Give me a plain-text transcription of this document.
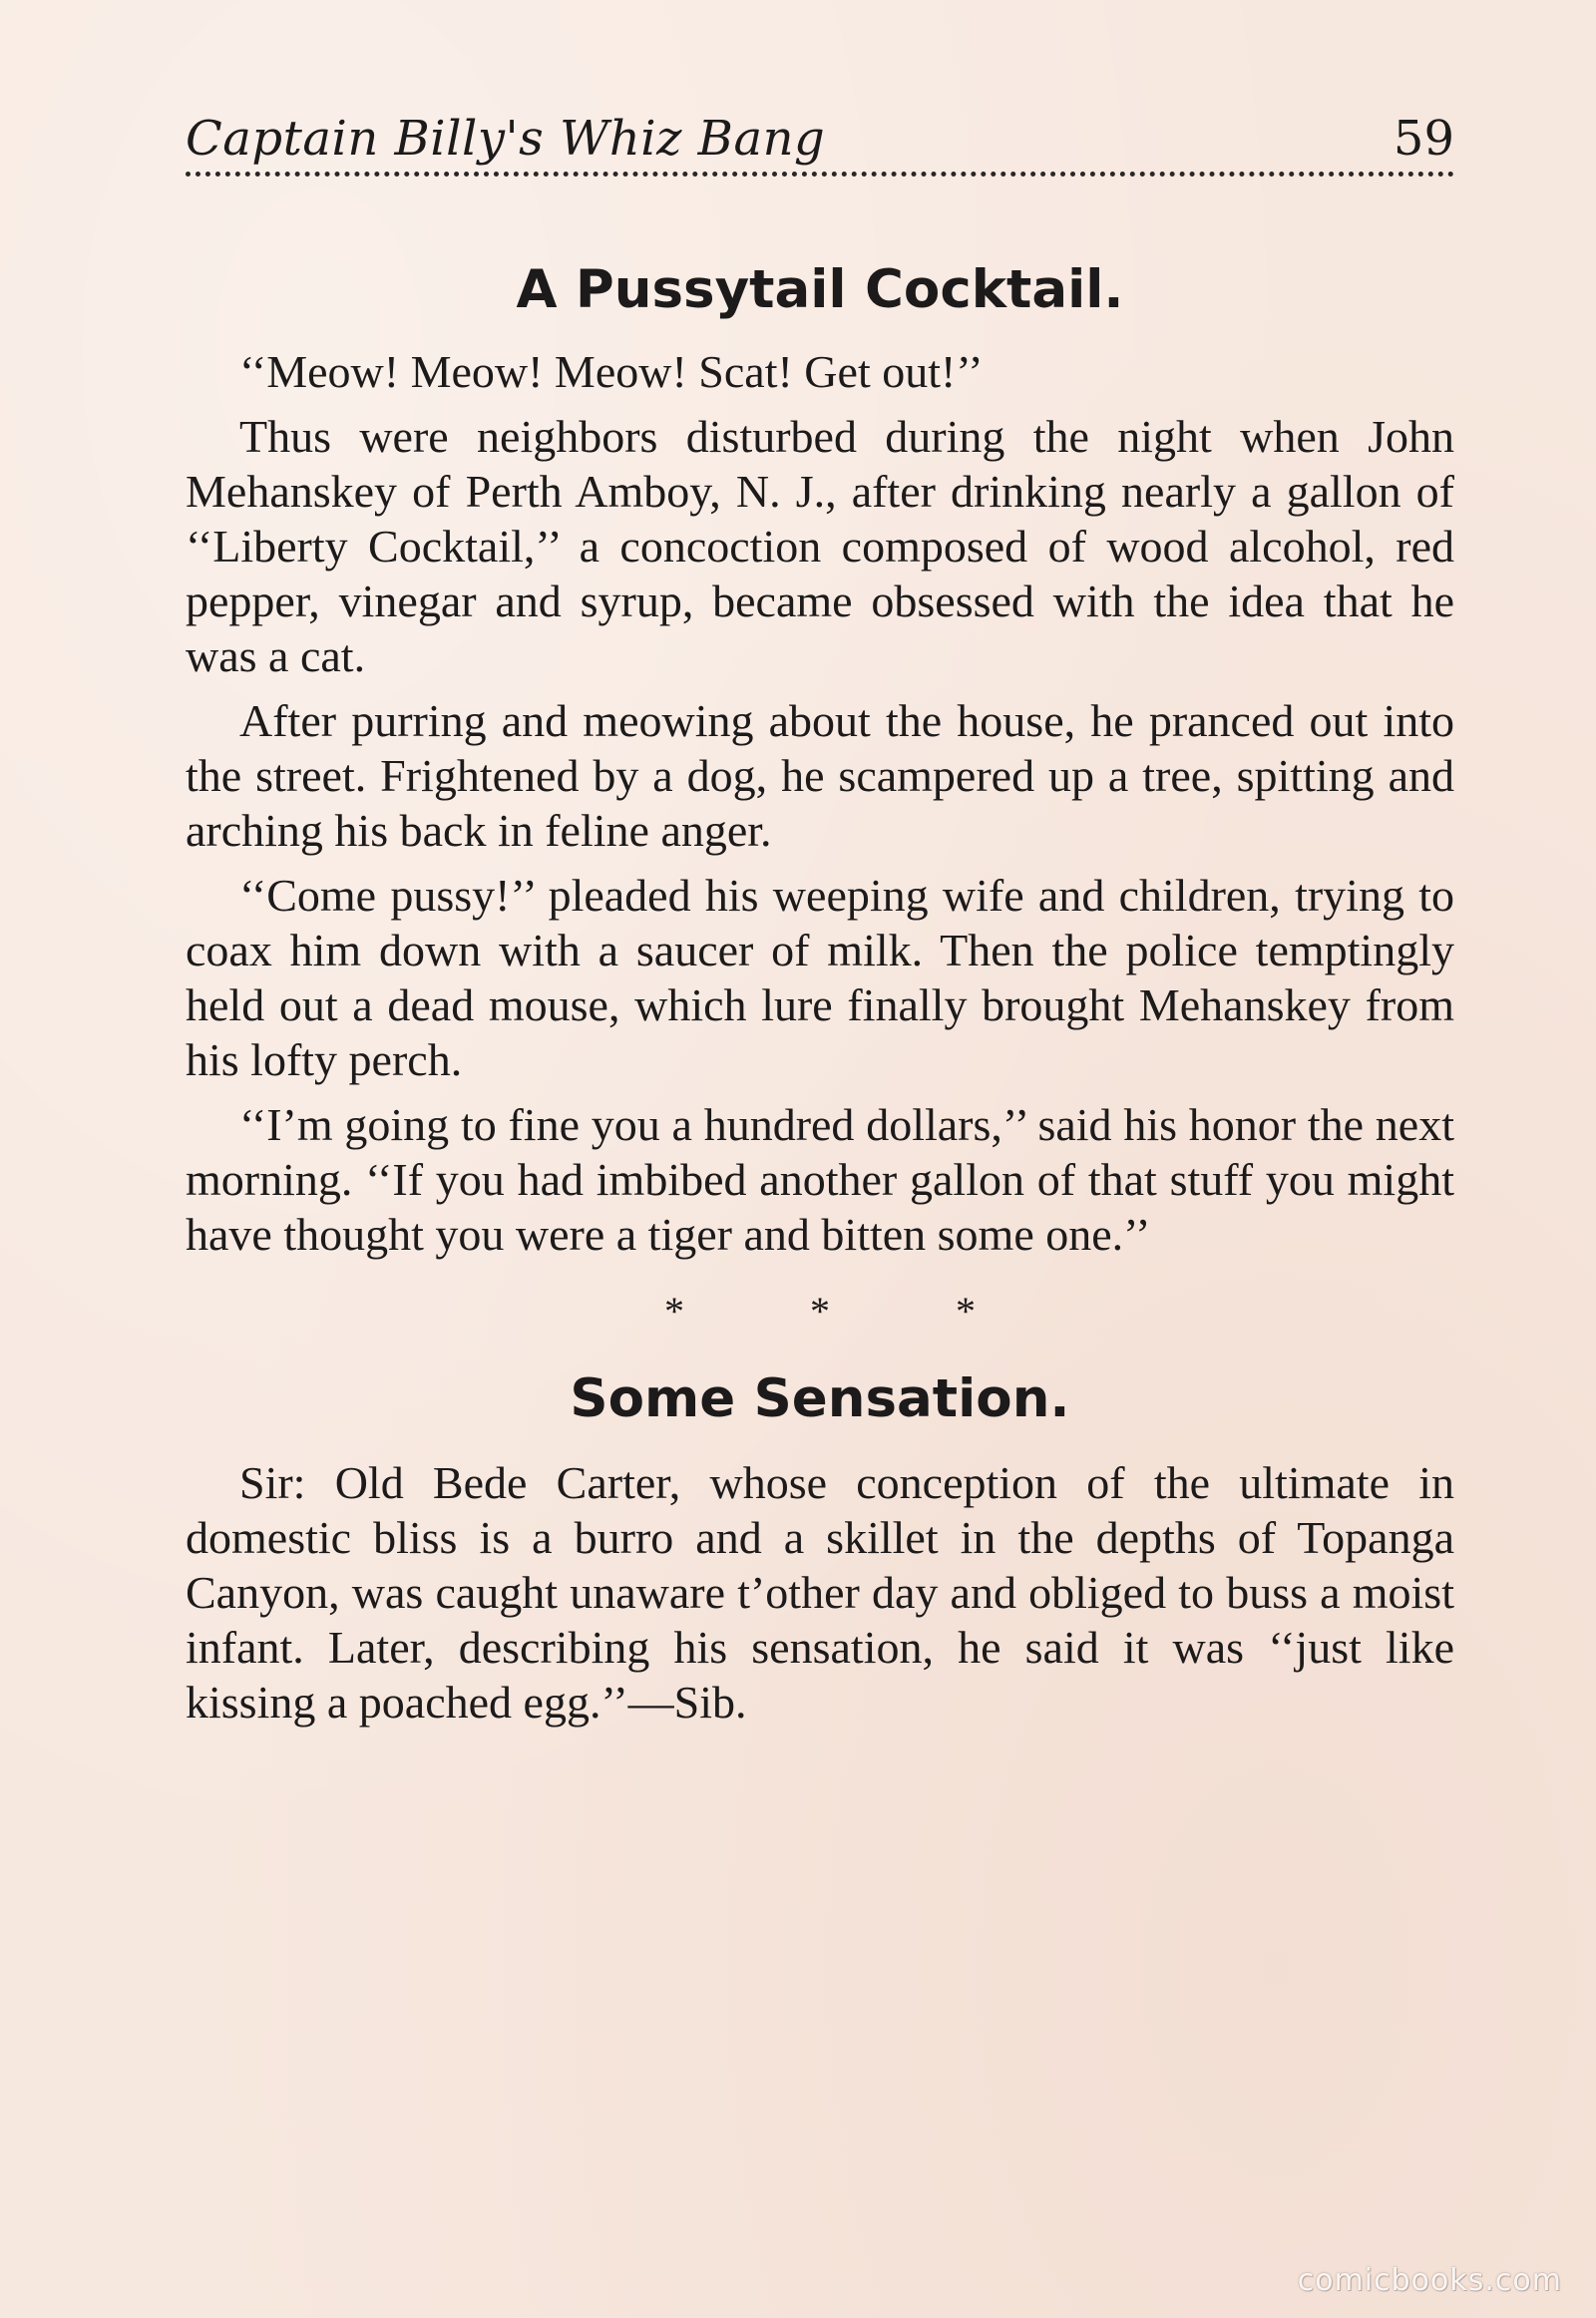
Captain Billy's Whiz Bang	59
A Pussytail Cocktail.

‘‘Meow! Meow! Meow! Scat! Get out!’’

Thus were neighbors disturbed during the night when John Mehanskey of Perth Amboy, N. J., after drinking nearly a gallon of ‘‘Liberty Cocktail,’’ a concoction composed of wood alcohol, red pepper, vinegar and syrup, became obsessed with the idea that he was a cat.

After purring and meowing about the house, he pranced out into the street. Frightened by a dog, he scampered up a tree, spitting and arching his back in feline anger.

‘‘Come pussy!’’ pleaded his weeping wife and children, trying to coax him down with a saucer of milk. Then the police temptingly held out a dead mouse, which lure finally brought Mehanskey from his lofty perch.

‘‘I’m going to fine you a hundred dollars,’’ said his honor the next morning. ‘‘If you had imbibed another gallon of that stuff you might have thought you were a tiger and bitten some one.’’

* * *
Some Sensation.

Sir: Old Bede Carter, whose conception of the ultimate in domestic bliss is a burro and a skillet in the depths of Topanga Canyon, was caught unaware t’other day and obliged to buss a moist infant. Later, describing his sensation, he said it was ‘‘just like kissing a poached egg.’’—Sib.

comicbooks.com
